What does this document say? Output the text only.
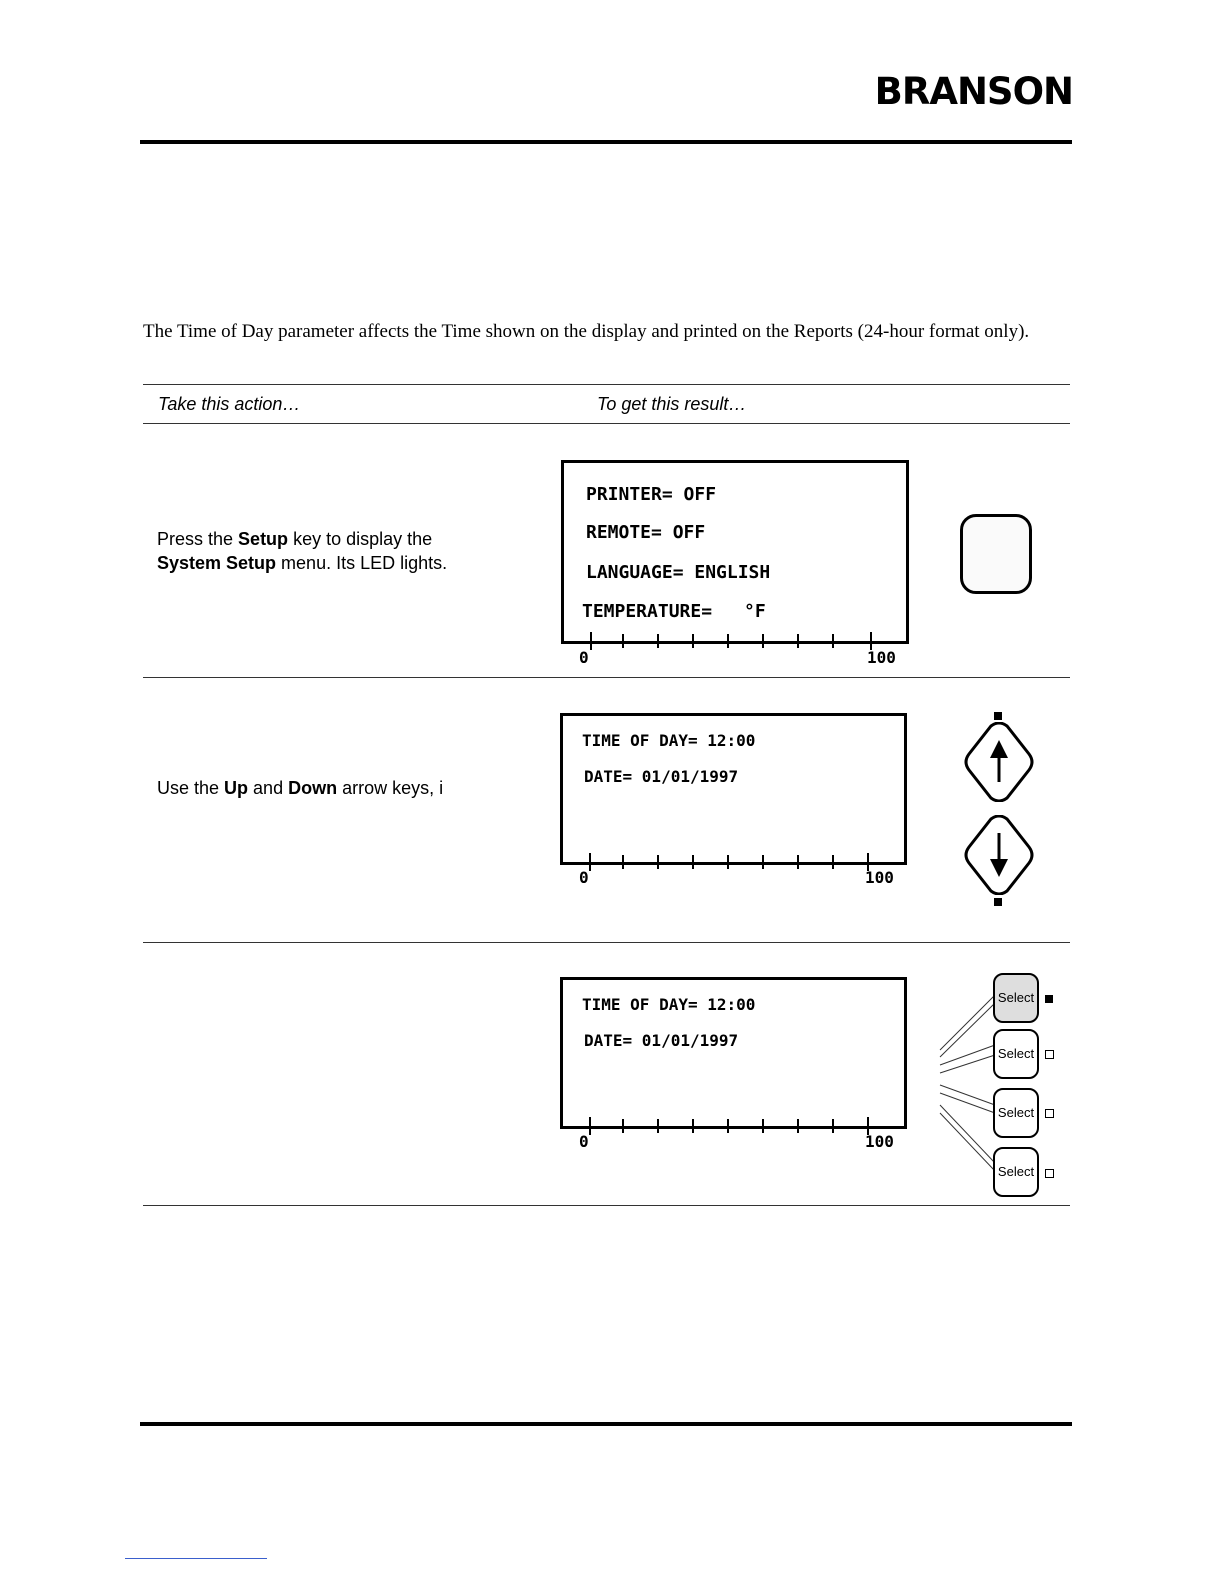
BRANSON
The Time of Day parameter affects the Time shown on the display and printed on the Reports (24-hour format only).
Take this action…	To get this result…
Press the Setup key to display the
System Setup menu. Its LED lights.
PRINTER= OFF
REMOTE= OFF
LANGUAGE= ENGLISH
TEMPERATURE= °F
0	100
Use the Up and Down arrow keys, i
TIME OF DAY= 12:00
DATE= 01/01/1997
0	100
TIME OF DAY= 12:00
DATE= 01/01/1997
0	100
Select
Select
Select
Select
